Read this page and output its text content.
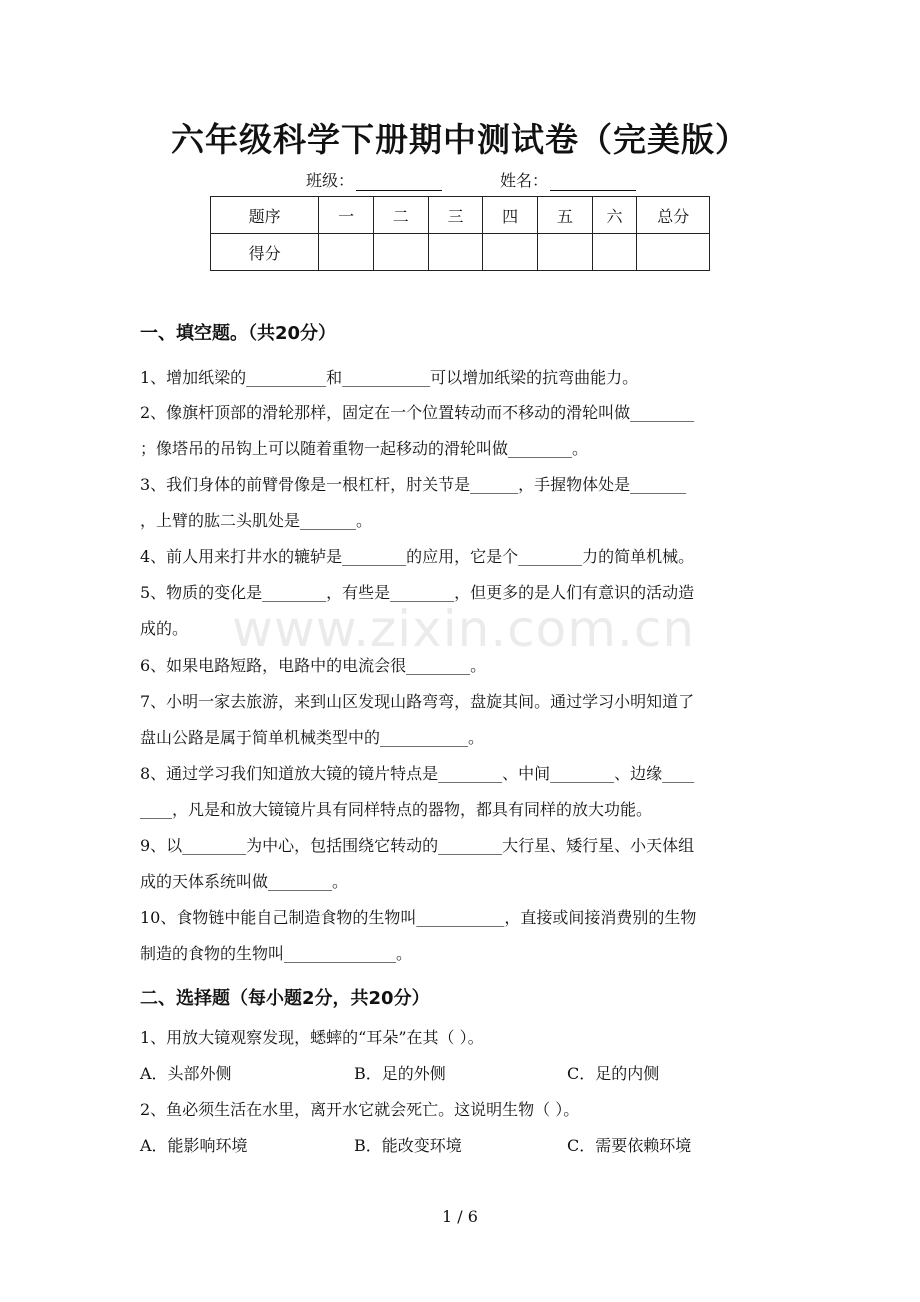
六年级科学下册期中测试卷（完美版）
班级：	姓名：
题序	一	二	三	四	五	六	总分
得分							
一、填空题。（共20分）
1、增加纸梁的__________和___________可以增加纸梁的抗弯曲能力。
2、像旗杆顶部的滑轮那样，固定在一个位置转动而不移动的滑轮叫做________
；像塔吊的吊钩上可以随着重物一起移动的滑轮叫做________。
3、我们身体的前臂骨像是一根杠杆，肘关节是______，手握物体处是_______
，上臂的肱二头肌处是_______。
4、前人用来打井水的辘轳是________的应用，它是个________力的简单机械。
5、物质的变化是________，有些是________，但更多的是人们有意识的活动造
成的。
6、如果电路短路，电路中的电流会很________。
7、小明一家去旅游，来到山区发现山路弯弯，盘旋其间。通过学习小明知道了
盘山公路是属于简单机械类型中的___________。
8、通过学习我们知道放大镜的镜片特点是________、中间________、边缘____
____，凡是和放大镜镜片具有同样特点的器物，都具有同样的放大功能。
9、以________为中心，包括围绕它转动的________大行星、矮行星、小天体组
成的天体系统叫做________。
10、食物链中能自己制造食物的生物叫___________，直接或间接消费别的生物
制造的食物的生物叫______________。
二、选择题（每小题2分，共20分）
1、用放大镜观察发现，蟋蟀的“耳朵”在其（ ）。
A．头部外侧	B．足的外侧	C．足的内侧
2、鱼必须生活在水里，离开水它就会死亡。这说明生物（ ）。
A．能影响环境	B．能改变环境	C．需要依赖环境
www.zixin.com.cn
1 / 6
